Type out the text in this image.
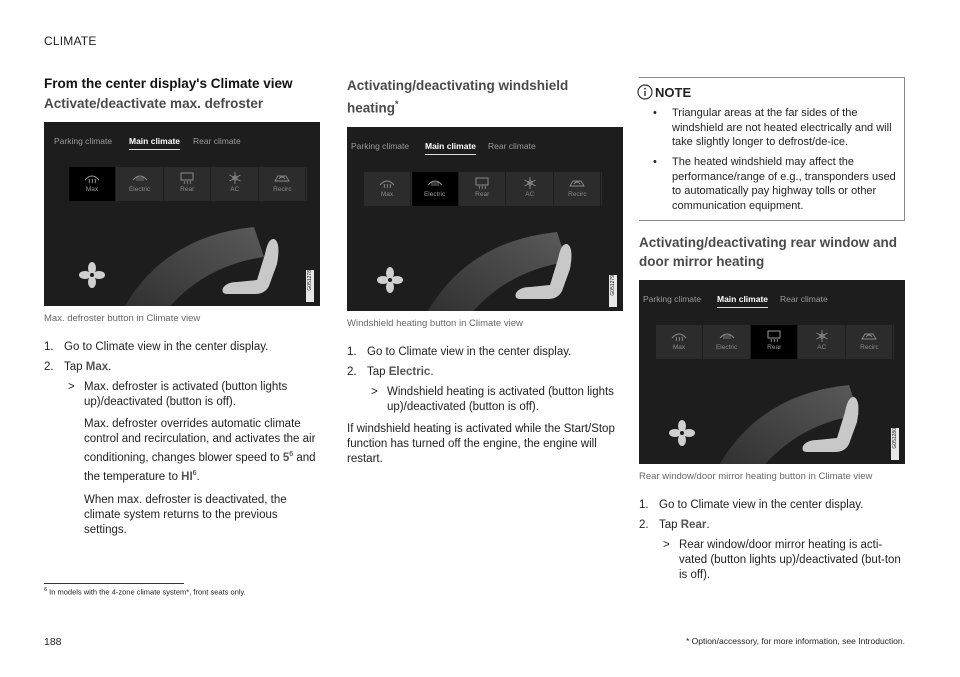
CLIMATE
From the center display's Climate view
Activate/deactivate max. defroster
Parking climate Main climate Rear climate
Max	Electric	Rear	AC	Recirc
G051278
Max. defroster button in Climate view
1. Go to Climate view in the center display.
2. Tap Max.
> Max. defroster is activated (button lights up)/deactivated (button is off).
Max. defroster overrides automatic climate control and recirculation, and activates the air conditioning, changes blower speed to $5^6$ and the temperature to $HI^6$.
When max. defroster is deactivated, the climate system returns to the previous settings.
Activating/deactivating windshield heating*
Parking climate Main climate Rear climate
Max	Electric	Rear	AC	Recirc
G051279
Windshield heating button in Climate view
1. Go to Climate view in the center display.
2. Tap Electric.
> Windshield heating is activated (button lights up)/deactivated (button is off).
If windshield heating is activated while the Start/Stop function has turned off the engine, the engine will restart.
NOTE
• Triangular areas at the far sides of the windshield are not heated electrically and will take slightly longer to defrost/de-ice.
• The heated windshield may affect the performance/range of e.g., transponders used to automatically pay highway tolls or other communication equipment.
Activating/deactivating rear window and door mirror heating
Parking climate Main climate Rear climate
Max	Electric	Rear	AC	Recirc
G051280
Rear window/door mirror heating button in Climate view
1. Go to Climate view in the center display.
2. Tap Rear.
> Rear window/door mirror heating is acti-vated (button lights up)/deactivated (but-ton is off).
$^6$ In models with the 4-zone climate system*, front seats only.
188	* Option/accessory, for more information, see Introduction.
